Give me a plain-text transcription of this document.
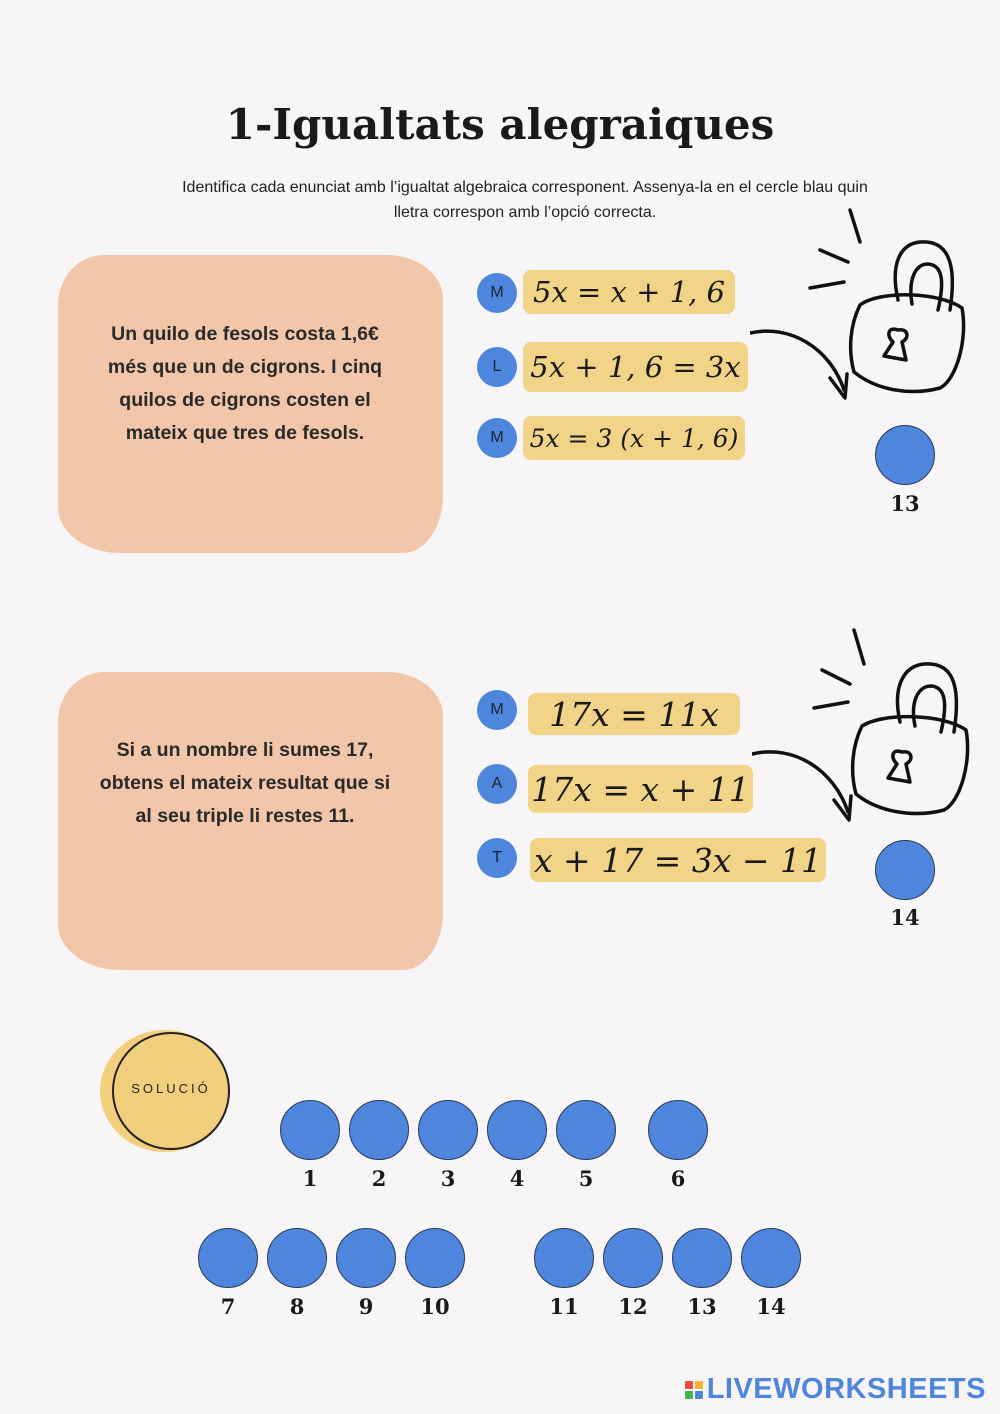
1-Igualtats alegraiques
Identifica cada enunciat amb l’igualtat algebraica corresponent. Assenya-la en el cercle blau quin lletra correspon amb l’opció correcta.
Un quilo de fesols costa 1,6€ més que un de cigrons. I cinq quilos de cigrons costen el mateix que tres de fesols.
M	5x = x + 1, 6
L 5x + 1, 6 = 3x
M	5x = 3 (x + 1, 6)
13
Si a un nombre li sumes 17, obtens el mateix resultat que si al seu triple li restes 11.
M	17x = 11x
A 17x = x + 11
T x + 17 = 3x − 11
14
SOLUCIÓ
1	2	3	4	5	6
7	8	9	10	11	12	13	14
LIVEWORKSHEETS
